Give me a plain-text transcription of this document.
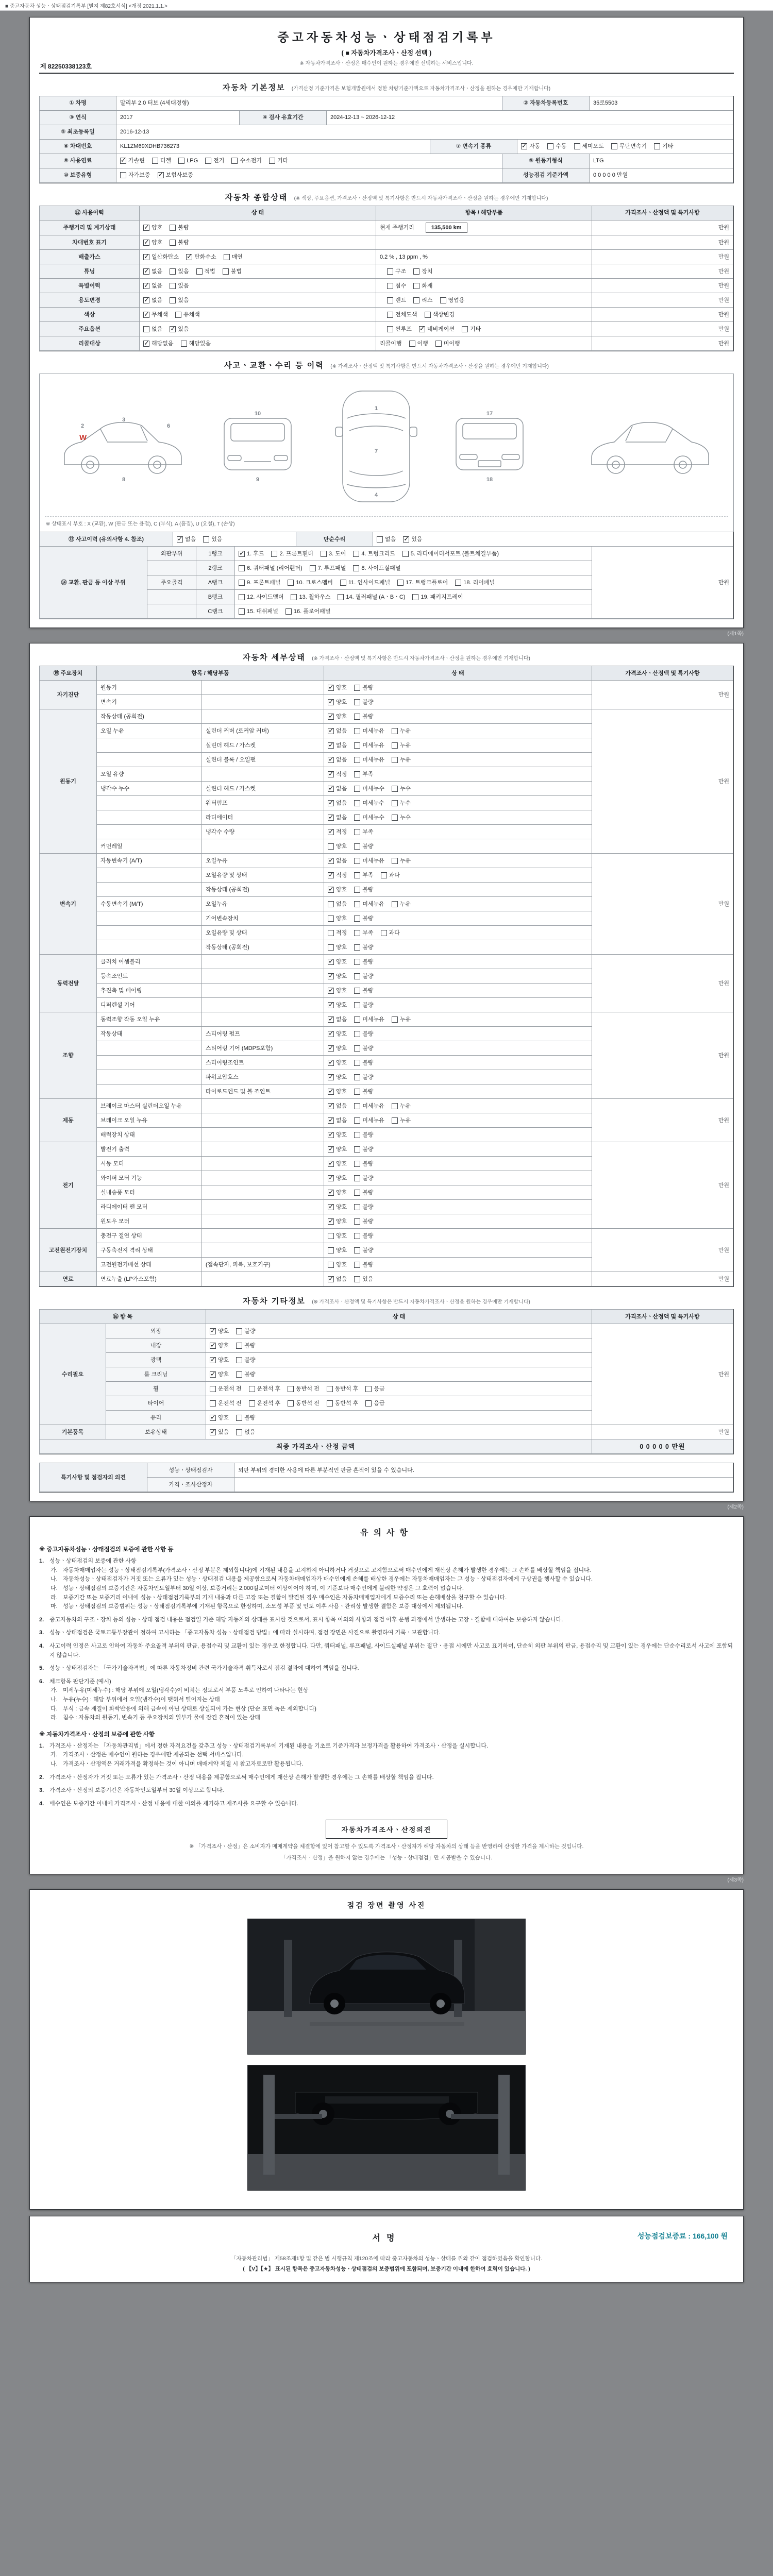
■ 중고자동차 성능ㆍ상태점검기록부 [별지 제82호서식] <개정 2021.1.1.>
중고자동차성능ㆍ상태점검기록부
( ■ 자동차가격조사ㆍ산정 선택 )
※ 자동차가격조사ㆍ산정은 매수인이 원하는 경우에만 선택하는 서비스입니다.
제 82250338123호
자동차 기본정보 (가격산정 기준가격은 보험개발원에서 정한 차량기준가액으로 자동차가격조사ㆍ산정을 원하는 경우에만 기재합니다)
① 차명	말리부 2.0 터보 (4세대경형)	② 자동차등록번호	35로5503
③ 연식	2017	④ 검사 유효기간	2024-12-13 ~ 2026-12-12
⑤ 최초등록일	2016-12-13
⑥ 차대번호	KL1ZM69XDHB736273	⑦ 변속기 종류 ✓	자동	수동	세미오토	무단변속기	기타
⑧ 사용연료 ✓	가솔린	디젤	LPG	전기	수소전기	기타	⑨ 원동기형식	LTG
⑩ 보증유형	자가보증 ✓	보험사보증	성능점검 기준가액	0 0 0 0 0 만원
자동차 종합상태 (※ 색상, 주요옵션, 가격조사ㆍ산정액 및 특기사항은 반드시 자동차가격조사ㆍ산정을 원하는 경우에만 기재합니다)
⑫ 사용이력	상 태	항목 / 해당부품	가격조사ㆍ산정액 및 특기사항
주행거리 및 계기상태 ✓	양호	불량	현재 주행거리	135,500 km	만원
차대번호 표기 ✓	양호	불량	만원
배출가스 ✓	일산화탄소 ✓	탄화수소	매연	0.2 % , 13 ppm , %	만원
튜닝 ✓	없음	있음	적법	불법	구조	장치	만원
특별이력 ✓	없음	있음	침수	화재	만원
용도변경 ✓	없음	있음	렌트	리스	영업용	만원
색상 ✓	무채색	유채색	전체도색	색상변경	만원
주요옵션	없음 ✓	있음	썬루프 ✓	네비게이션	기타	만원
리콜대상 ✓	해당없음	해당있음	리콜이행	이행	미이행	만원
사고ㆍ교환ㆍ수리 등 이력 (※ 가격조사ㆍ산정액 및 특기사항은 반드시 자동차가격조사ㆍ산정을 원하는 경우에만 기재합니다)
1
7
4
2
3
6
8	9
10	17
18
W
※ 상태표시 부호 : X (교환), W (판금 또는 용접), C (부식), A (흠집), U (요철), T (손상)
⑬ 사고이력 (유의사항 4. 참조) ✓	없음	있음	단순수리	없음 ✓	있음
⑭ 교환, 판금 등 이상 부위
외판부위	1랭크 ✓	1. 후드	2. 프론트휀더	3. 도어	4. 트렁크리드	5. 라디에이터서포트 (볼트체결부품)
2랭크	6. 쿼터패널 (리어휀더)	7. 루프패널	8. 사이드실패널
주요골격	A랭크	9. 프론트패널	10. 크로스멤버	11. 인사이드패널	17. 트렁크플로어	18. 리어패널
B랭크	12. 사이드멤버	13. 휠하우스	14. 필러패널 (AㆍBㆍC)	19. 패키지트레이
C랭크	15. 대쉬패널	16. 플로어패널
만원
(제1쪽)
자동차 세부상태 (※ 가격조사ㆍ산정액 및 특기사항은 반드시 자동차가격조사ㆍ산정을 원하는 경우에만 기재합니다)
⑮ 주요장치	항목 / 해당부품	상 태	가격조사ㆍ산정액 및 특기사항
자기진단
원동기 ✓	양호	불량
변속기 ✓	양호	불량
만원
원동기
작동상태 (공회전) ✓	양호	불량
오일 누유	실린더 커버 (로커암 커버) ✓	없음	미세누유	누유
실린더 헤드 / 가스켓 ✓	없음	미세누유	누유
실린더 블록 / 오일팬 ✓	없음	미세누유	누유
오일 유량 ✓	적정	부족
냉각수 누수	실린더 헤드 / 가스켓 ✓	없음	미세누수	누수
워터펌프 ✓	없음	미세누수	누수
라디에이터 ✓	없음	미세누수	누수
냉각수 수량 ✓	적정	부족
커먼레일	양호	불량
만원
변속기
자동변속기 (A/T)	오일누유 ✓	없음	미세누유	누유
오일유량 및 상태 ✓	적정	부족	과다
작동상태 (공회전) ✓	양호	불량
수동변속기 (M/T)	오일누유	없음	미세누유	누유
기어변속장치	양호	불량
오일유량 및 상태	적정	부족	과다
작동상태 (공회전)	양호	불량
만원
동력전달
클러치 어셈블리 ✓	양호	불량
등속조인트 ✓	양호	불량
추진축 및 베어링 ✓	양호	불량
디퍼렌셜 기어 ✓	양호	불량
만원
조향
동력조향 작동 오일 누유 ✓	없음	미세누유	누유
작동상태	스티어링 펌프 ✓	양호	불량
스티어링 기어 (MDPS포함) ✓	양호	불량
스티어링조인트 ✓	양호	불량
파워고압호스 ✓	양호	불량
타이로드엔드 및 볼 조인트 ✓	양호	불량
만원
제동
브레이크 마스터 실린더오일 누유 ✓	없음	미세누유	누유
브레이크 오일 누유 ✓	없음	미세누유	누유
배력장치 상태 ✓	양호	불량
만원
전기
발전기 출력 ✓	양호	불량
시동 모터 ✓	양호	불량
와이퍼 모터 기능 ✓	양호	불량
실내송풍 모터 ✓	양호	불량
라디에이터 팬 모터 ✓	양호	불량
윈도우 모터 ✓	양호	불량
만원
고전원전기장치
충전구 절연 상태	양호	불량
구동축전지 격리 상태	양호	불량
고전원전기배선 상태	(접속단자, 피복, 보호기구)	양호	불량
만원
연료	연료누출 (LP가스포함) ✓	없음	있음	만원
자동차 기타정보 (※ 가격조사ㆍ산정액 및 특기사항은 반드시 자동차가격조사ㆍ산정을 원하는 경우에만 기재합니다)
⑯ 항 목	상 태	가격조사ㆍ산정액 및 특기사항
수리필요
외장 ✓	양호	불량
내장 ✓	양호	불량
광택 ✓	양호	불량
룸 크리닝 ✓	양호	불량
휠	운전석 전	운전석 후	동반석 전	동반석 후	응급
타이어	운전석 전	운전석 후	동반석 전	동반석 후	응급
유리 ✓	양호	불량
만원
기본품목	보유상태 ✓	있음	없음	만원
최종 가격조사ㆍ산정 금액	0 0 0 0 0 만원
특기사항 및 점검자의 의견
성능ㆍ상태점검자	외판 부위의 경미한 사용에 따른 부분적인 판금 흔적이 있을 수 있습니다.
가격ㆍ조사산정자
(제2쪽)
유의사항
※ 중고자동차성능ㆍ상태점검의 보증에 관한 사항 등
1. 성능ㆍ상태점검의 보증에 관한 사항
가. 자동차매매업자는 성능ㆍ상태점검기록부(가격조사ㆍ산정 부분은 제외합니다)에 기재된 내용을 고지하지 아니하거나 거짓으로 고지함으로써 매수인에게 재산상 손해가 발생한 경우에는 그 손해를 배상할 책임을 집니다.
나. 자동차성능ㆍ상태점검자가 거짓 또는 오류가 있는 성능ㆍ상태점검 내용을 제공함으로써 자동차매매업자가 매수인에게 손해를 배상한 경우에는 자동차매매업자는 그 성능ㆍ상태점검자에게 구상권을 행사할 수 있습니다.
다. 성능ㆍ상태점검의 보증기간은 자동차인도일부터 30일 이상, 보증거리는 2,000킬로미터 이상이어야 하며, 이 기준보다 매수인에게 불리한 약정은 그 효력이 없습니다.
라. 보증기간 또는 보증거리 이내에 성능ㆍ상태점검기록부의 기재 내용과 다른 고장 또는 결함이 발견된 경우 매수인은 자동차매매업자에게 보증수리 또는 손해배상을 청구할 수 있습니다.
마. 성능ㆍ상태점검의 보증범위는 성능ㆍ상태점검기록부에 기재된 항목으로 한정하며, 소모성 부품 및 인도 이후 사용ㆍ관리상 발생한 결함은 보증 대상에서 제외됩니다.
2. 중고자동차의 구조ㆍ장치 등의 성능ㆍ상태 점검 내용은 점검일 기준 해당 자동차의 상태를 표시한 것으로서, 표시 항목 이외의 사항과 점검 이후 운행 과정에서 발생하는 고장ㆍ결함에 대하여는 보증하지 않습니다.
3. 성능ㆍ상태점검은 국토교통부장관이 정하여 고시하는 「중고자동차 성능ㆍ상태점검 방법」에 따라 실시하며, 점검 장면은 사진으로 촬영하여 기록ㆍ보관합니다.
4. 사고이력 인정은 사고로 인하여 자동차 주요골격 부위의 판금, 용접수리 및 교환이 있는 경우로 한정합니다. 다만, 쿼터패널, 루프패널, 사이드실패널 부위는 절단ㆍ용접 시에만 사고로 표기하며, 단순히 외판 부위의 판금, 용접수리 및 교환이 있는 경우에는 단순수리로서 사고에 포함되지 않습니다.
5. 성능ㆍ상태점검자는 「국가기술자격법」에 따른 자동차정비 관련 국가기술자격 취득자로서 점검 결과에 대하여 책임을 집니다.
6. 체크항목 판단기준 (예시)
가. 미세누유(미세누수) : 해당 부위에 오일(냉각수)이 비치는 정도로서 부품 노후로 인하여 나타나는 현상
나. 누유(누수) : 해당 부위에서 오일(냉각수)이 맺혀서 떨어지는 상태
다. 부식 : 금속 재질이 화학반응에 의해 금속이 아닌 상태로 상실되어 가는 현상 (단순 표면 녹은 제외합니다)
라. 침수 : 자동차의 원동기, 변속기 등 주요장치의 일부가 물에 잠긴 흔적이 있는 상태
※ 자동차가격조사ㆍ산정의 보증에 관한 사항
1. 가격조사ㆍ산정자는 「자동차관리법」에서 정한 자격요건을 갖추고 성능ㆍ상태점검기록부에 기재된 내용을 기초로 기준가격과 보정가격을 활용하여 가격조사ㆍ산정을 실시합니다.
가. 가격조사ㆍ산정은 매수인이 원하는 경우에만 제공되는 선택 서비스입니다.
나. 가격조사ㆍ산정액은 거래가격을 확정하는 것이 아니며 매매계약 체결 시 참고자료로만 활용됩니다.
2. 가격조사ㆍ산정자가 거짓 또는 오류가 있는 가격조사ㆍ산정 내용을 제공함으로써 매수인에게 재산상 손해가 발생한 경우에는 그 손해를 배상할 책임을 집니다.
3. 가격조사ㆍ산정의 보증기간은 자동차인도일부터 30일 이상으로 합니다.
4. 매수인은 보증기간 이내에 가격조사ㆍ산정 내용에 대한 이의를 제기하고 재조사를 요구할 수 있습니다.
자동차가격조사ㆍ산정의견
※ 「가격조사ㆍ산정」은 소비자가 매매계약을 체결함에 있어 참고할 수 있도록 가격조사ㆍ산정자가 해당 자동차의 상태 등을 반영하여 산정한 가격을 제시하는 것입니다.
「가격조사ㆍ산정」을 원하지 않는 경우에는 「성능ㆍ상태점검」만 제공받을 수 있습니다.
(제3쪽)
점검 장면 촬영 사진
서명	성능점검보증료 : 166,100 원
「자동차관리법」 제58조제1항 및 같은 법 시행규칙 제120조에 따라 중고자동차의 성능ㆍ상태를 위와 같이 점검하였음을 확인합니다.
( 【V】【★】 표시된 항목은 중고자동차성능ㆍ상태점검의 보증범위에 포함되며, 보증기간 이내에 한하여 효력이 있습니다. )
